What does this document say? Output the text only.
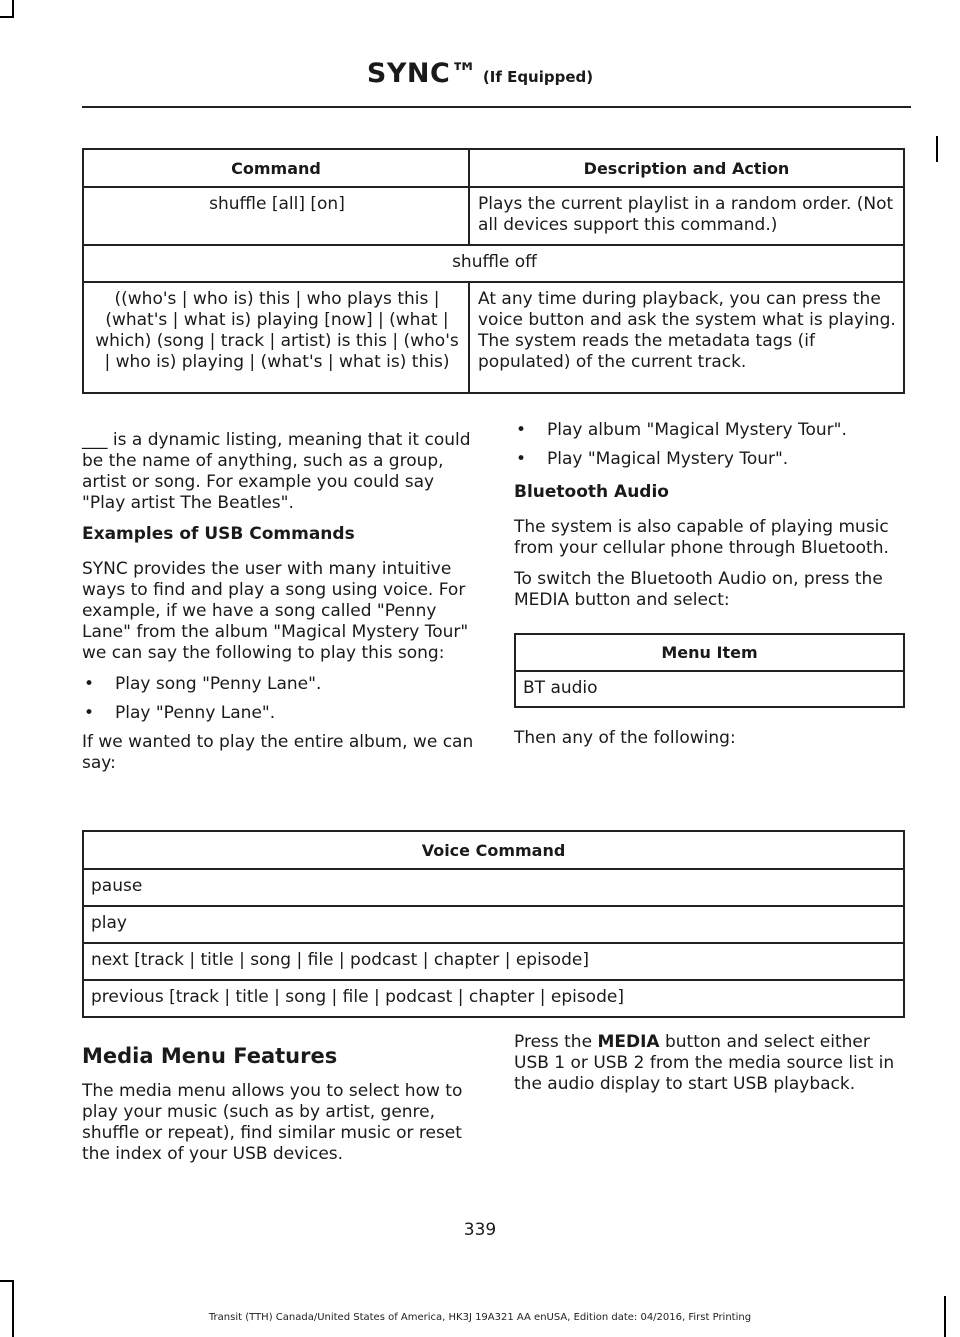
SYNC™ (If Equipped)
Command	Description and Action
shuffle [all] [on]	Plays the current playlist in a random order. (Not all devices support this command.)
shuffle off	
((who's | who is) this | who plays this | (what's | what is) playing [now] | (what | which) (song | track | artist) is this | (who's | who is) playing | (what's | what is) this)	At any time during playback, you can press the voice button and ask the system what is playing. The system reads the metadata tags (if populated) of the current track.

___ is a dynamic listing, meaning that it could be the name of anything, such as a group, artist or song. For example you could say "Play artist The Beatles".

Examples of USB Commands

SYNC provides the user with many intuitive ways to find and play a song using voice. For example, if we have a song called "Penny Lane" from the album "Magical Mystery Tour" we can say the following to play this song:

•	Play song "Penny Lane".
•	Play "Penny Lane".

If we wanted to play the entire album, we can say:

•	Play album "Magical Mystery Tour".
•	Play "Magical Mystery Tour".
Bluetooth Audio

The system is also capable of playing music from your cellular phone through Bluetooth.

To switch the Bluetooth Audio on, press the MEDIA button and select:

Menu Item
BT audio

Then any of the following:

Voice Command
pause
play
next [track | title | song | file | podcast | chapter | episode]
previous [track | title | song | file | podcast | chapter | episode]
Media Menu Features

The media menu allows you to select how to play your music (such as by artist, genre, shuffle or repeat), find similar music or reset the index of your USB devices.

Press the MEDIA button and select either USB 1 or USB 2 from the media source list in the audio display to start USB playback.

339
Transit (TTH) Canada/United States of America, HK3J 19A321 AA enUSA, Edition date: 04/2016, First Printing
